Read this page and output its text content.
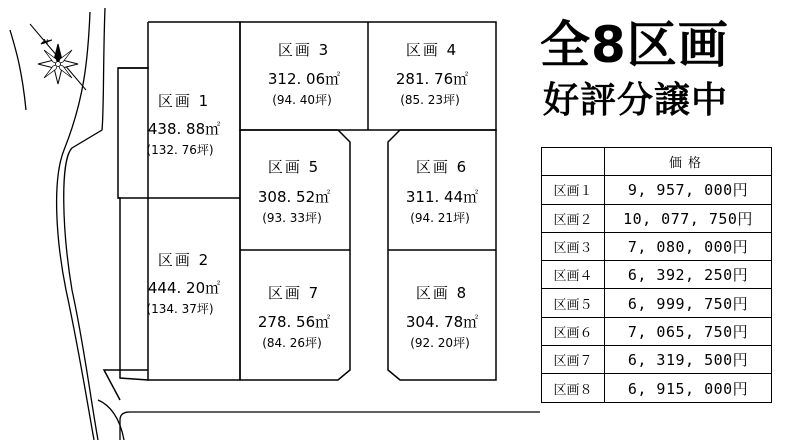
N
区画 1
438. 88㎡
(132. 76坪)
区画 2
444. 20㎡
(134. 37坪)
区画 3
312. 06㎡
(94. 40坪)
区画 4
281. 76㎡
(85. 23坪)
区画 5
308. 52㎡
(93. 33坪)
区画 6
311. 44㎡
(94. 21坪)
区画 7
278. 56㎡
(84. 26坪)
区画 8
304. 78㎡
(92. 20坪)
全8区画
好評分譲中
	価格
区画１	9, 957, 000円
区画２	10, 077, 750円
区画３	7, 080, 000円
区画４	6, 392, 250円
区画５	6, 999, 750円
区画６	7, 065, 750円
区画７	6, 319, 500円
区画８	6, 915, 000円
